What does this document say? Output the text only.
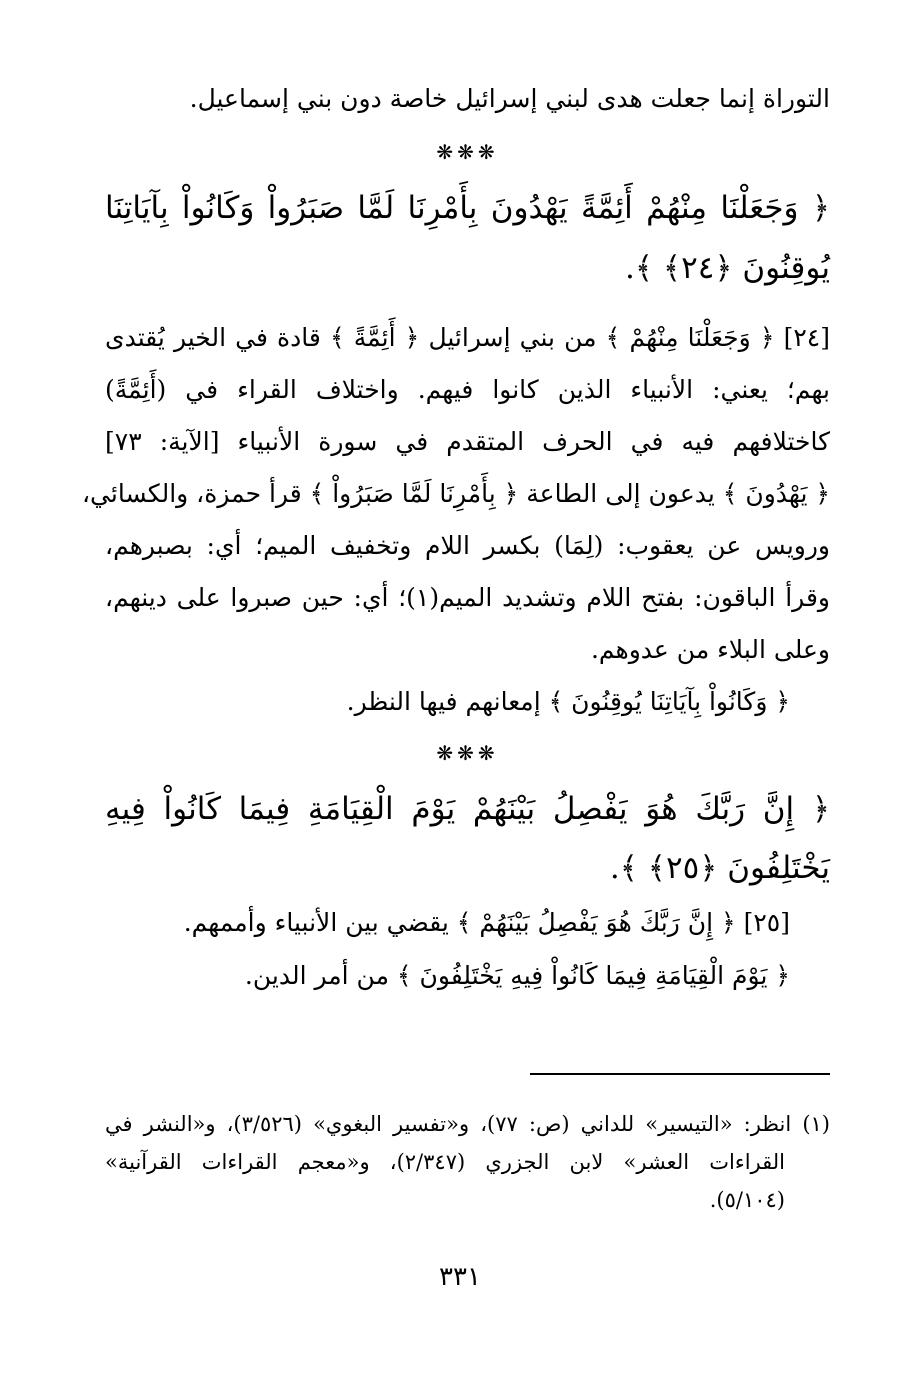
التوراة إنما جعلت هدى لبني إسرائيل خاصة دون بني إسماعيل.
❋❋❋
﴿ وَجَعَلْنَا مِنْهُمْ أَئِمَّةً يَهْدُونَ بِأَمْرِنَا لَمَّا صَبَرُواْ وَكَانُواْ بِآيَاتِنَا
يُوقِنُونَ ﴿٢٤﴾ ﴾.
[٢٤] ﴿ وَجَعَلْنَا مِنْهُمْ ﴾ من بني إسرائيل ﴿ أَئِمَّةً ﴾ قادة في الخير يُقتدى
بهم؛ يعني: الأنبياء الذين كانوا فيهم. واختلاف القراء في (أَئِمَّةً)
كاختلافهم فيه في الحرف المتقدم في سورة الأنبياء [الآية: ٧٣]
﴿ يَهْدُونَ ﴾ يدعون إلى الطاعة ﴿ بِأَمْرِنَا لَمَّا صَبَرُواْ ﴾ قرأ حمزة، والكسائي،
ورويس عن يعقوب: (لِمَا) بكسر اللام وتخفيف الميم؛ أي: بصبرهم،
وقرأ الباقون: بفتح اللام وتشديد الميم(١)؛ أي: حين صبروا على دينهم،
وعلى البلاء من عدوهم.
﴿ وَكَانُواْ بِآيَاتِنَا يُوقِنُونَ ﴾ إمعانهم فيها النظر.
❋❋❋
﴿ إِنَّ رَبَّكَ هُوَ يَفْصِلُ بَيْنَهُمْ يَوْمَ الْقِيَامَةِ فِيمَا كَانُواْ فِيهِ
يَخْتَلِفُونَ ﴿٢٥﴾ ﴾.
[٢٥] ﴿ إِنَّ رَبَّكَ هُوَ يَفْصِلُ بَيْنَهُمْ ﴾ يقضي بين الأنبياء وأممهم.
﴿ يَوْمَ الْقِيَامَةِ فِيمَا كَانُواْ فِيهِ يَخْتَلِفُونَ ﴾ من أمر الدين.
(١) انظر: «التيسير» للداني (ص: ٧٧)، و«تفسير البغوي» (٣/٥٢٦)، و«النشر في
القراءات العشر» لابن الجزري (٢/٣٤٧)، و«معجم القراءات القرآنية»
(٥/١٠٤).
٣٣١
